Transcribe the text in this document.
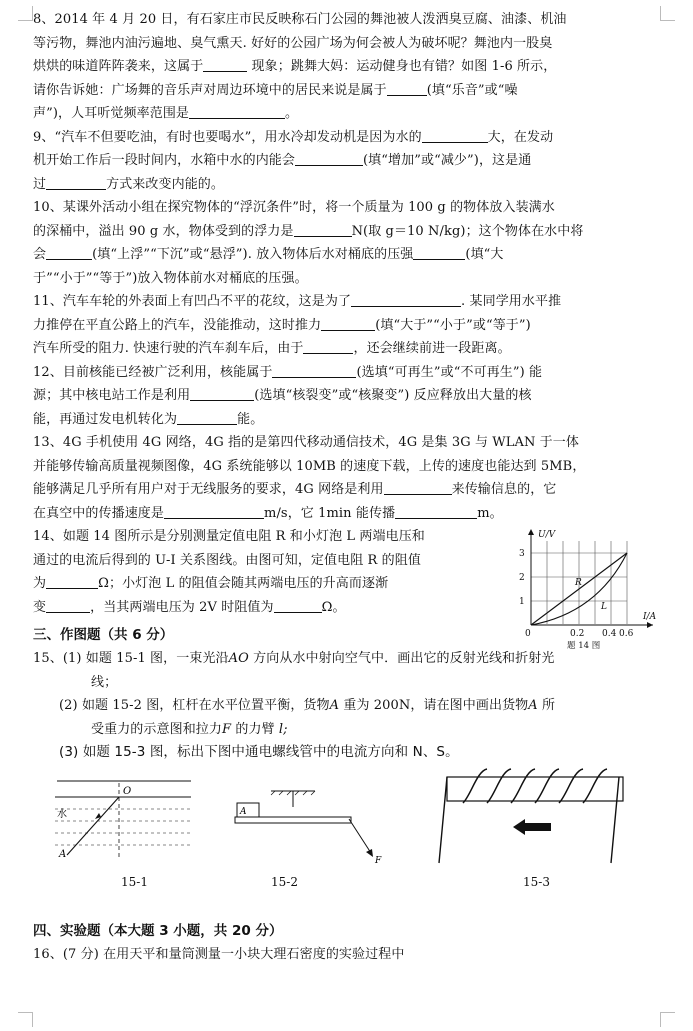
8、2014 年 4 月 20 日，有石家庄市民反映称石门公园的舞池被人泼洒臭豆腐、油漆、机油

等污物，舞池内油污遍地、臭气熏天. 好好的公园广场为何会被人为破坏呢？舞池内一股臭

烘烘的味道阵阵袭来，这属于	现象；跳舞大妈：运动健身也有错？如图 1-6 所示，

请你告诉她：广场舞的音乐声对周边环境中的居民来说是属于	(填“乐音”或“噪

声”)，人耳听觉频率范围是	。

9、“汽车不但要吃油，有时也要喝水”，用水冷却发动机是因为水的	大，在发动

机开始工作后一段时间内，水箱中水的内能会	(填“增加”或“减少”)，这是通

过	方式来改变内能的。

10、某课外活动小组在探究物体的“浮沉条件”时，将一个质量为 100 g 的物体放入装满水

的深桶中，溢出 90 g 水，物体受到的浮力是	N(取 g＝10 N/kg)；这个物体在水中将

会	(填“上浮”“下沉”或“悬浮”). 放入物体后水对桶底的压强	(填“大

于”“小于”“等于”)放入物体前水对桶底的压强。

11、汽车车轮的外表面上有凹凸不平的花纹，这是为了	. 某同学用水平推

力推停在平直公路上的汽车，没能推动，这时推力	(填“大于”“小于”或“等于”)

汽车所受的阻力. 快速行驶的汽车刹车后，由于	，还会继续前进一段距离。

12、目前核能已经被广泛利用，核能属于	(选填“可再生”或“不可再生”) 能

源；其中核电站工作是利用	(选填“核裂变”或“核聚变”) 反应释放出大量的核

能，再通过发电机转化为	能。

13、4G 手机使用 4G 网络，4G 指的是第四代移动通信技术，4G 是集 3G 与 WLAN 于一体

并能够传输高质量视频图像，4G 系统能够以 10MB 的速度下载，上传的速度也能达到 5MB，

能够满足几乎所有用户对于无线服务的要求，4G 网络是利用	来传输信息的，它

在真空中的传播速度是	m/s，它 1min 能传播	m。

14、如题 14 图所示是分别测量定值电阻 R 和小灯泡 L 两端电压和

通过的电流后得到的 U-I 关系图线。由图可知，定值电阻 R 的阻值

为	Ω；小灯泡 L 的阻值会随其两端电压的升高而逐渐

变	，当其两端电压为 2V 时阻值为	Ω。

U/V
I/A
1
2
3
0	0.2 0.4 0.6
R
L
题 14 图

三、作图题（共 6 分）

15、(1) 如题 15-1 图，一束光沿AO 方向从水中射向空气中．画出它的反射光线和折射光

线；

(2) 如题 15-2 图，杠杆在水平位置平衡，货物A 重为 200N，请在图中画出货物A 所

受重力的示意图和拉力F 的力臂 l;

(3) 如题 15-3 图，标出下图中通电螺线管中的电流方向和 N、S。

O
A
水	A
F
15-1	15-2	15-3

四、实验题（本大题 3 小题，共 20 分）

16、(7 分) 在用天平和量筒测量一小块大理石密度的实验过程中
